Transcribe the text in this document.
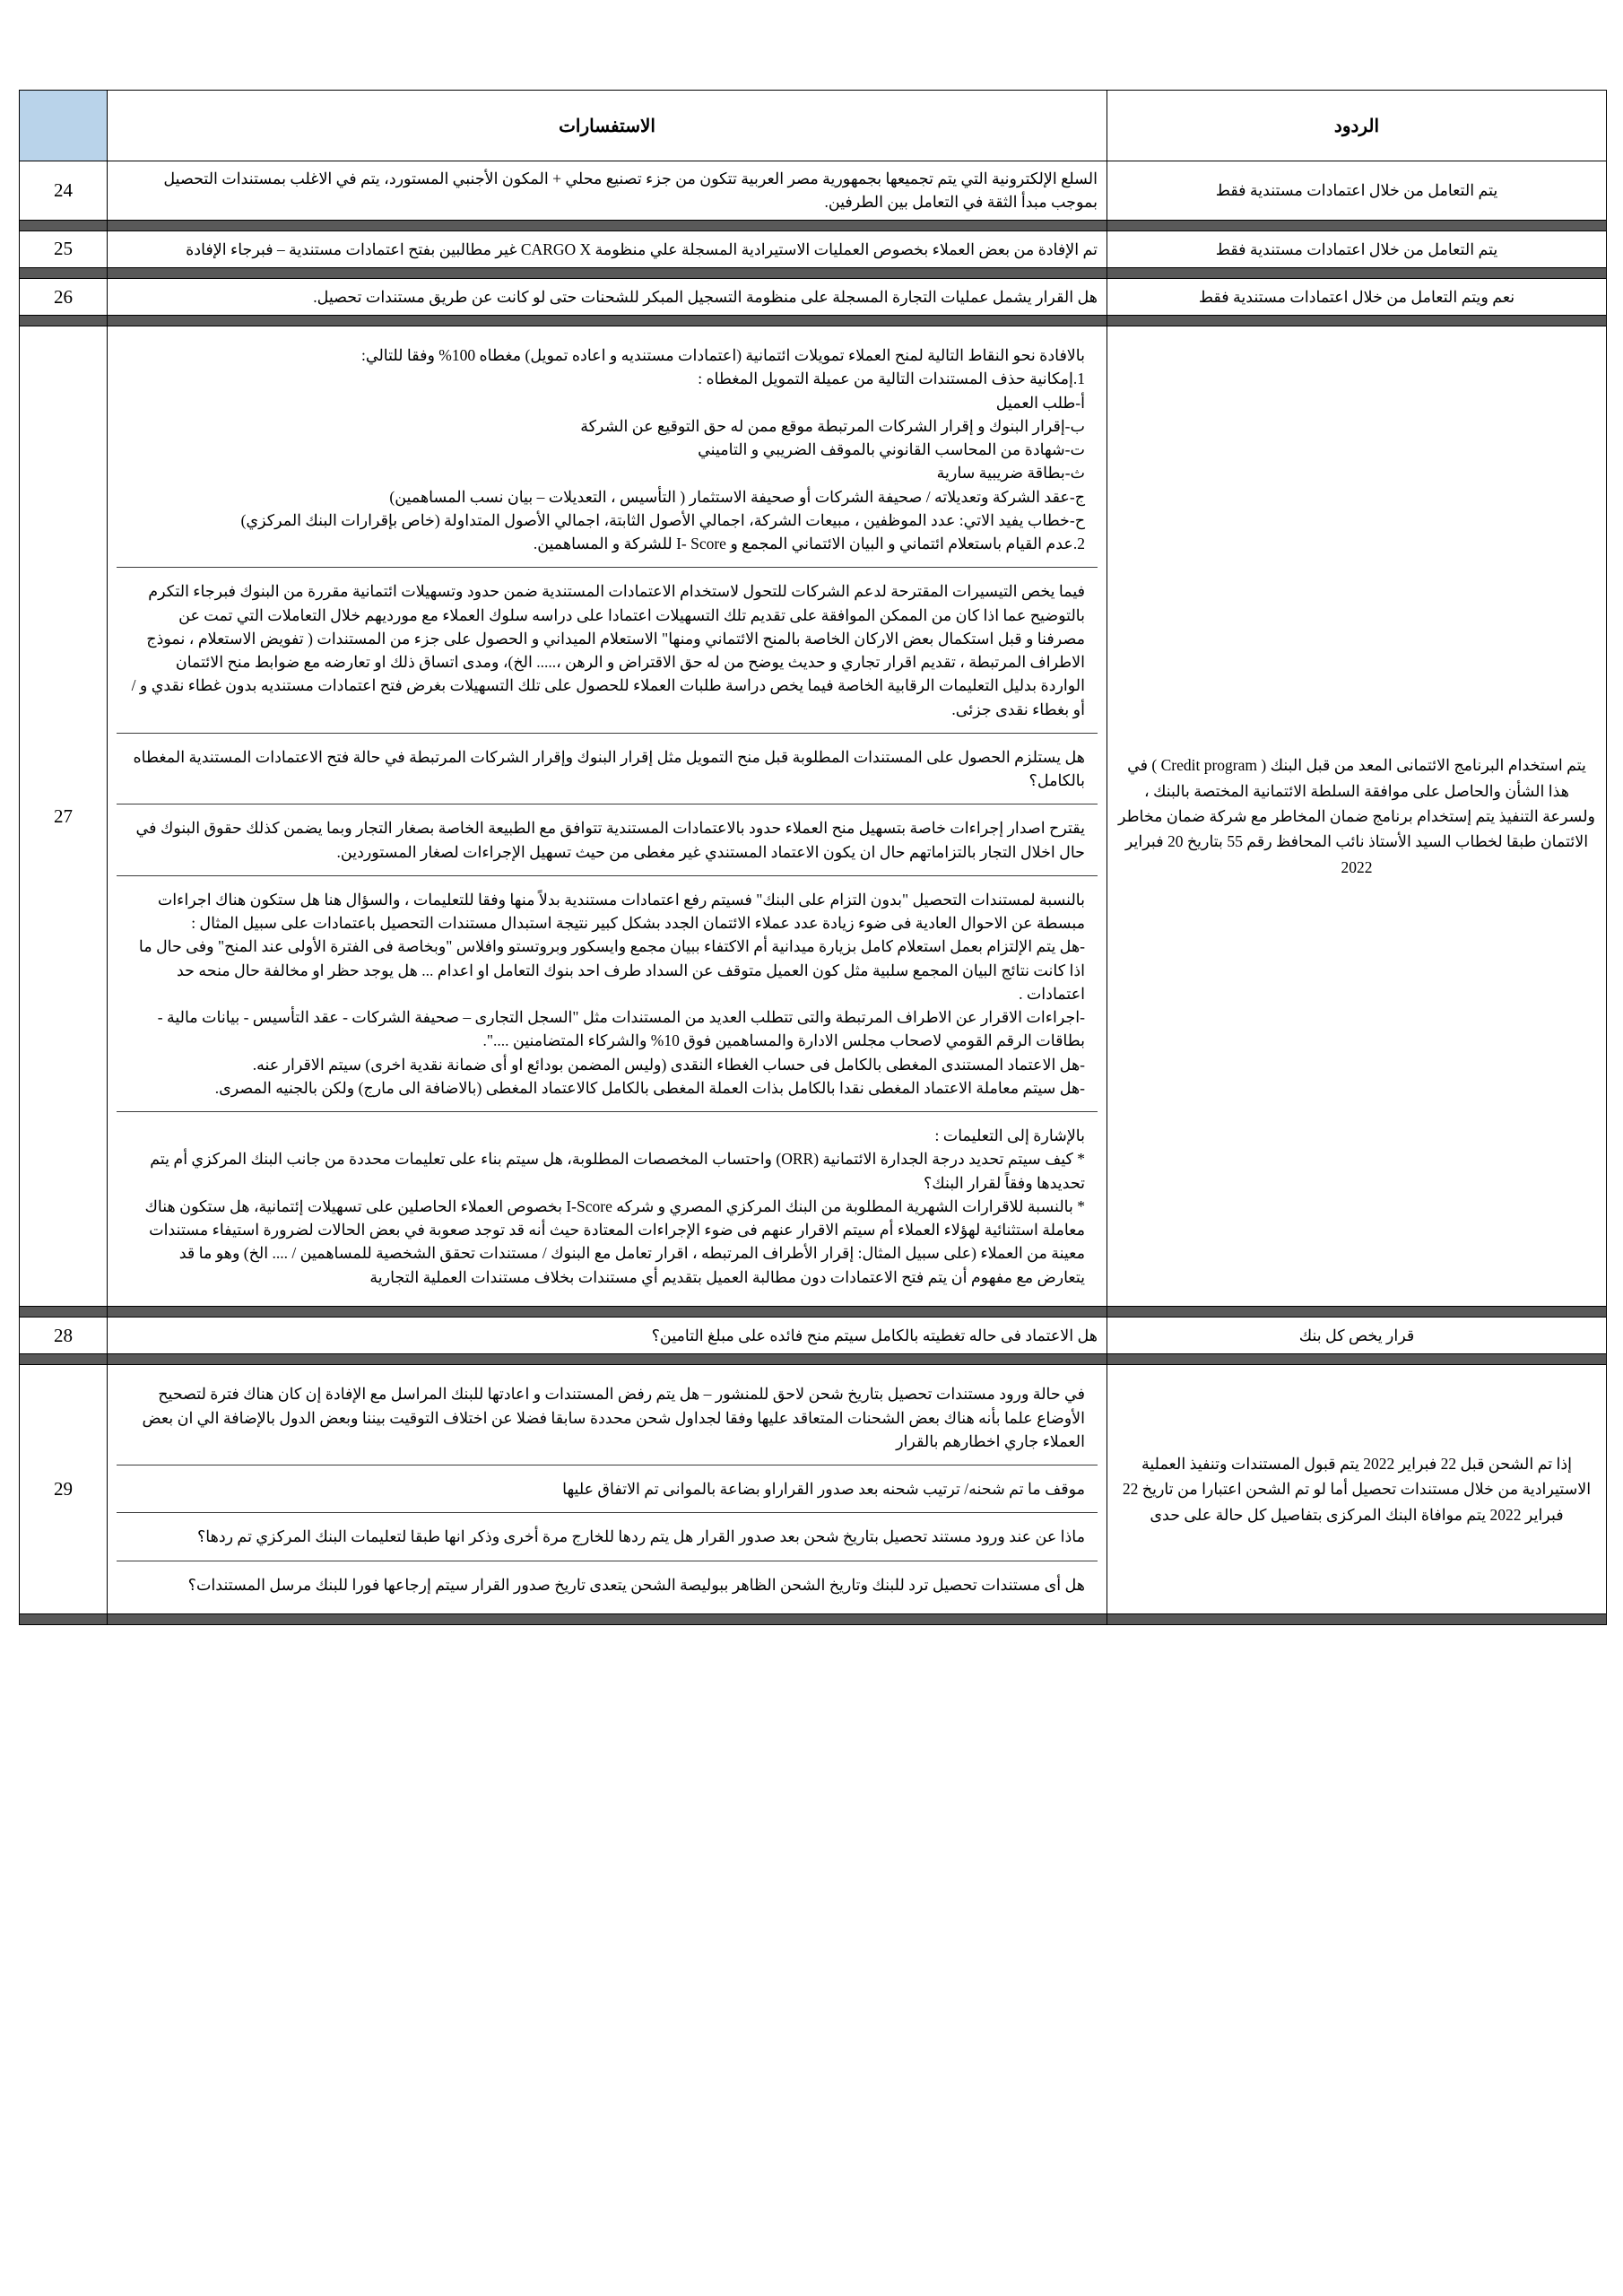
الردود	الاستفسارات	

يتم التعامل من خلال اعتمادات مستندية فقط

السلع الإلكترونية التي يتم تجميعها بجمهورية مصر العربية تتكون من جزء تصنيع محلي + المكون الأجنبي المستورد، يتم في الاغلب بمستندات التحصيل بموجب مبدأ الثقة في التعامل بين الطرفين.
	24

يتم التعامل من خلال اعتمادات مستندية فقط

تم الإفادة من بعض العملاء بخصوص العمليات الاستيرادية المسجلة علي منظومة CARGO X غير مطالبين بفتح اعتمادات مستندية – فبرجاء الإفادة
	25

نعم ويتم التعامل من خلال اعتمادات مستندية فقط

هل القرار يشمل عمليات التجارة المسجلة على منظومة التسجيل المبكر للشحنات حتى لو كانت عن طريق مستندات تحصيل.
	26

يتم استخدام البرنامج الائتمانى المعد من قبل البنك ( Credit program ) في هذا الشأن والحاصل على موافقة السلطة الائتمانية المختصة بالبنك ، ولسرعة التنفيذ يتم إستخدام برنامج ضمان المخاطر مع شركة ضمان مخاطر الائتمان طبقا لخطاب السيد الأستاذ نائب المحافظ رقم 55 بتاريخ 20 فبراير 2022

بالافادة نحو النقاط التالية لمنح العملاء تمويلات ائتمانية (اعتمادات مستنديه و اعاده تمويل) مغطاه 100% وفقا للتالي:
1.إمكانية حذف المستندات التالية من عميلة التمويل المغطاه :
أ-طلب العميل
ب-إقرار البنوك و إقرار الشركات المرتبطة موقع ممن له حق التوقيع عن الشركة
ت-شهادة من المحاسب القانوني بالموقف الضريبي و التاميني
ث-بطاقة ضريبية سارية
ج-عقد الشركة وتعديلاته / صحيفة الشركات أو صحيفة الاستثمار ( التأسيس ، التعديلات – بيان نسب المساهمين)
ح-خطاب يفيد الاتي: عدد الموظفين ، مبيعات الشركة، اجمالي الأصول الثابتة، اجمالي الأصول المتداولة (خاص بإقرارات البنك المركزي)
2.عدم القيام باستعلام ائتماني و البيان الائتماني المجمع و I- Score للشركة و المساهمين.

فيما يخص التيسيرات المقترحة لدعم الشركات للتحول لاستخدام الاعتمادات المستندية ضمن حدود وتسهيلات ائتمانية مقررة من البنوك فبرجاء التكرم بالتوضيح عما اذا كان من الممكن الموافقة على تقديم تلك التسهيلات اعتمادا على دراسه سلوك العملاء مع مورديهم خلال التعاملات التي تمت عن مصرفنا و قبل استكمال بعض الاركان الخاصة بالمنح الائتماني ومنها" الاستعلام الميداني و الحصول على جزء من المستندات ( تفويض الاستعلام ، نموذج الاطراف المرتبطة ، تقديم اقرار تجاري و حديث يوضح من له حق الاقتراض و الرهن ،..... الخ)، ومدى اتساق ذلك او تعارضه مع ضوابط منح الائتمان الواردة بدليل التعليمات الرقابية الخاصة فيما يخص دراسة طلبات العملاء للحصول على تلك التسهيلات بغرض فتح اعتمادات مستنديه بدون غطاء نقدي و / أو بغطاء نقدى جزئى.

هل يستلزم الحصول على المستندات المطلوبة قبل منح التمويل مثل إقرار البنوك وإقرار الشركات المرتبطة في حالة فتح الاعتمادات المستندية المغطاه بالكامل؟

يقترح اصدار إجراءات خاصة بتسهيل منح العملاء حدود بالاعتمادات المستندية تتوافق مع الطبيعة الخاصة بصغار التجار وبما يضمن كذلك حقوق البنوك في حال اخلال التجار بالتزاماتهم حال ان يكون الاعتماد المستندي غير مغطى من حيث تسهيل الإجراءات لصغار المستوردين.

بالنسبة لمستندات التحصيل "بدون التزام على البنك" فسيتم رفع اعتمادات مستندية بدلاً منها وفقا للتعليمات ، والسؤال هنا هل ستكون هناك اجراءات مبسطة عن الاحوال العادية فى ضوء زيادة عدد عملاء الائتمان الجدد بشكل كبير نتيجة استبدال مستندات التحصيل باعتمادات على سبيل المثال :
-هل يتم الإلتزام بعمل استعلام كامل بزيارة ميدانية أم الاكتفاء ببيان مجمع وايسكور وبروتستو وافلاس "وبخاصة فى الفترة الأولى عند المنح" وفى حال ما اذا كانت نتائج البيان المجمع سلبية مثل كون العميل متوقف عن السداد طرف احد بنوك التعامل او اعدام ... هل يوجد حظر او مخالفة حال منحه حد اعتمادات .
-اجراءات الاقرار عن الاطراف المرتبطة والتى تتطلب العديد من المستندات مثل "السجل التجارى – صحيفة الشركات - عقد التأسيس - بيانات مالية - بطاقات الرقم القومي لاصحاب مجلس الادارة والمساهمين فوق 10% والشركاء المتضامنين ....".
-هل الاعتماد المستندى المغطى بالكامل فى حساب الغطاء النقدى (وليس المضمن بودائع او أى ضمانة نقدية اخرى) سيتم الاقرار عنه.
-هل سيتم معاملة الاعتماد المغطى نقدا بالكامل بذات العملة المغطى بالكامل كالاعتماد المغطى (بالاضافة الى مارج) ولكن بالجنيه المصرى.

بالإشارة إلى التعليمات :
* كيف سيتم تحديد درجة الجدارة الائتمانية (ORR) واحتساب المخصصات المطلوبة، هل سيتم بناء على تعليمات محددة من جانب البنك المركزي أم يتم تحديدها وفقاً لقرار البنك؟
* بالنسبة للاقرارات الشهرية المطلوبة من البنك المركزي المصري و شركه I-Score بخصوص العملاء الحاصلين على تسهيلات إئتمانية، هل ستكون هناك معاملة استثنائية لهؤلاء العملاء أم سيتم الاقرار عنهم فى ضوء الإجراءات المعتادة حيث أنه قد توجد صعوبة في بعض الحالات لضرورة استيفاء مستندات معينة من العملاء (على سبيل المثال: إقرار الأطراف المرتبطه ، اقرار تعامل مع البنوك / مستندات تحقق الشخصية للمساهمين / .... الخ) وهو ما قد يتعارض مع مفهوم أن يتم فتح الاعتمادات دون مطالبة العميل بتقديم أي مستندات بخلاف مستندات العملية التجارية
	27

قرار يخص كل بنك

هل الاعتماد فى حاله تغطيته بالكامل سيتم منح فائده على مبلغ التامين؟
	28

إذا تم الشحن قبل 22 فبراير 2022 يتم قبول المستندات وتنفيذ العملية الاستيرادية من خلال مستندات تحصيل أما لو تم الشحن اعتبارا من تاريخ 22 فبراير 2022 يتم موافاة البنك المركزى بتفاصيل كل حالة على حدى

في حالة ورود مستندات تحصيل بتاريخ شحن لاحق للمنشور – هل يتم رفض المستندات و اعادتها للبنك المراسل مع الإفادة إن كان هناك فترة لتصحيح الأوضاع علما بأنه هناك بعض الشحنات المتعاقد عليها وفقا لجداول شحن محددة سابقا فضلا عن اختلاف التوقيت بيننا وبعض الدول بالإضافة الي ان بعض العملاء جاري اخطارهم بالقرار

موقف ما تم شحنه/ ترتيب شحنه بعد صدور القراراو بضاعة بالموانى تم الاتفاق عليها

ماذا عن عند ورود مستند تحصيل بتاريخ شحن بعد صدور القرار هل يتم ردها للخارج مرة أخرى وذكر انها طبقا لتعليمات البنك المركزي تم ردها؟

هل أى مستندات تحصيل ترد للبنك وتاريخ الشحن الظاهر ببوليصة الشحن يتعدى تاريخ صدور القرار سيتم إرجاعها فورا للبنك مرسل المستندات؟
	29
